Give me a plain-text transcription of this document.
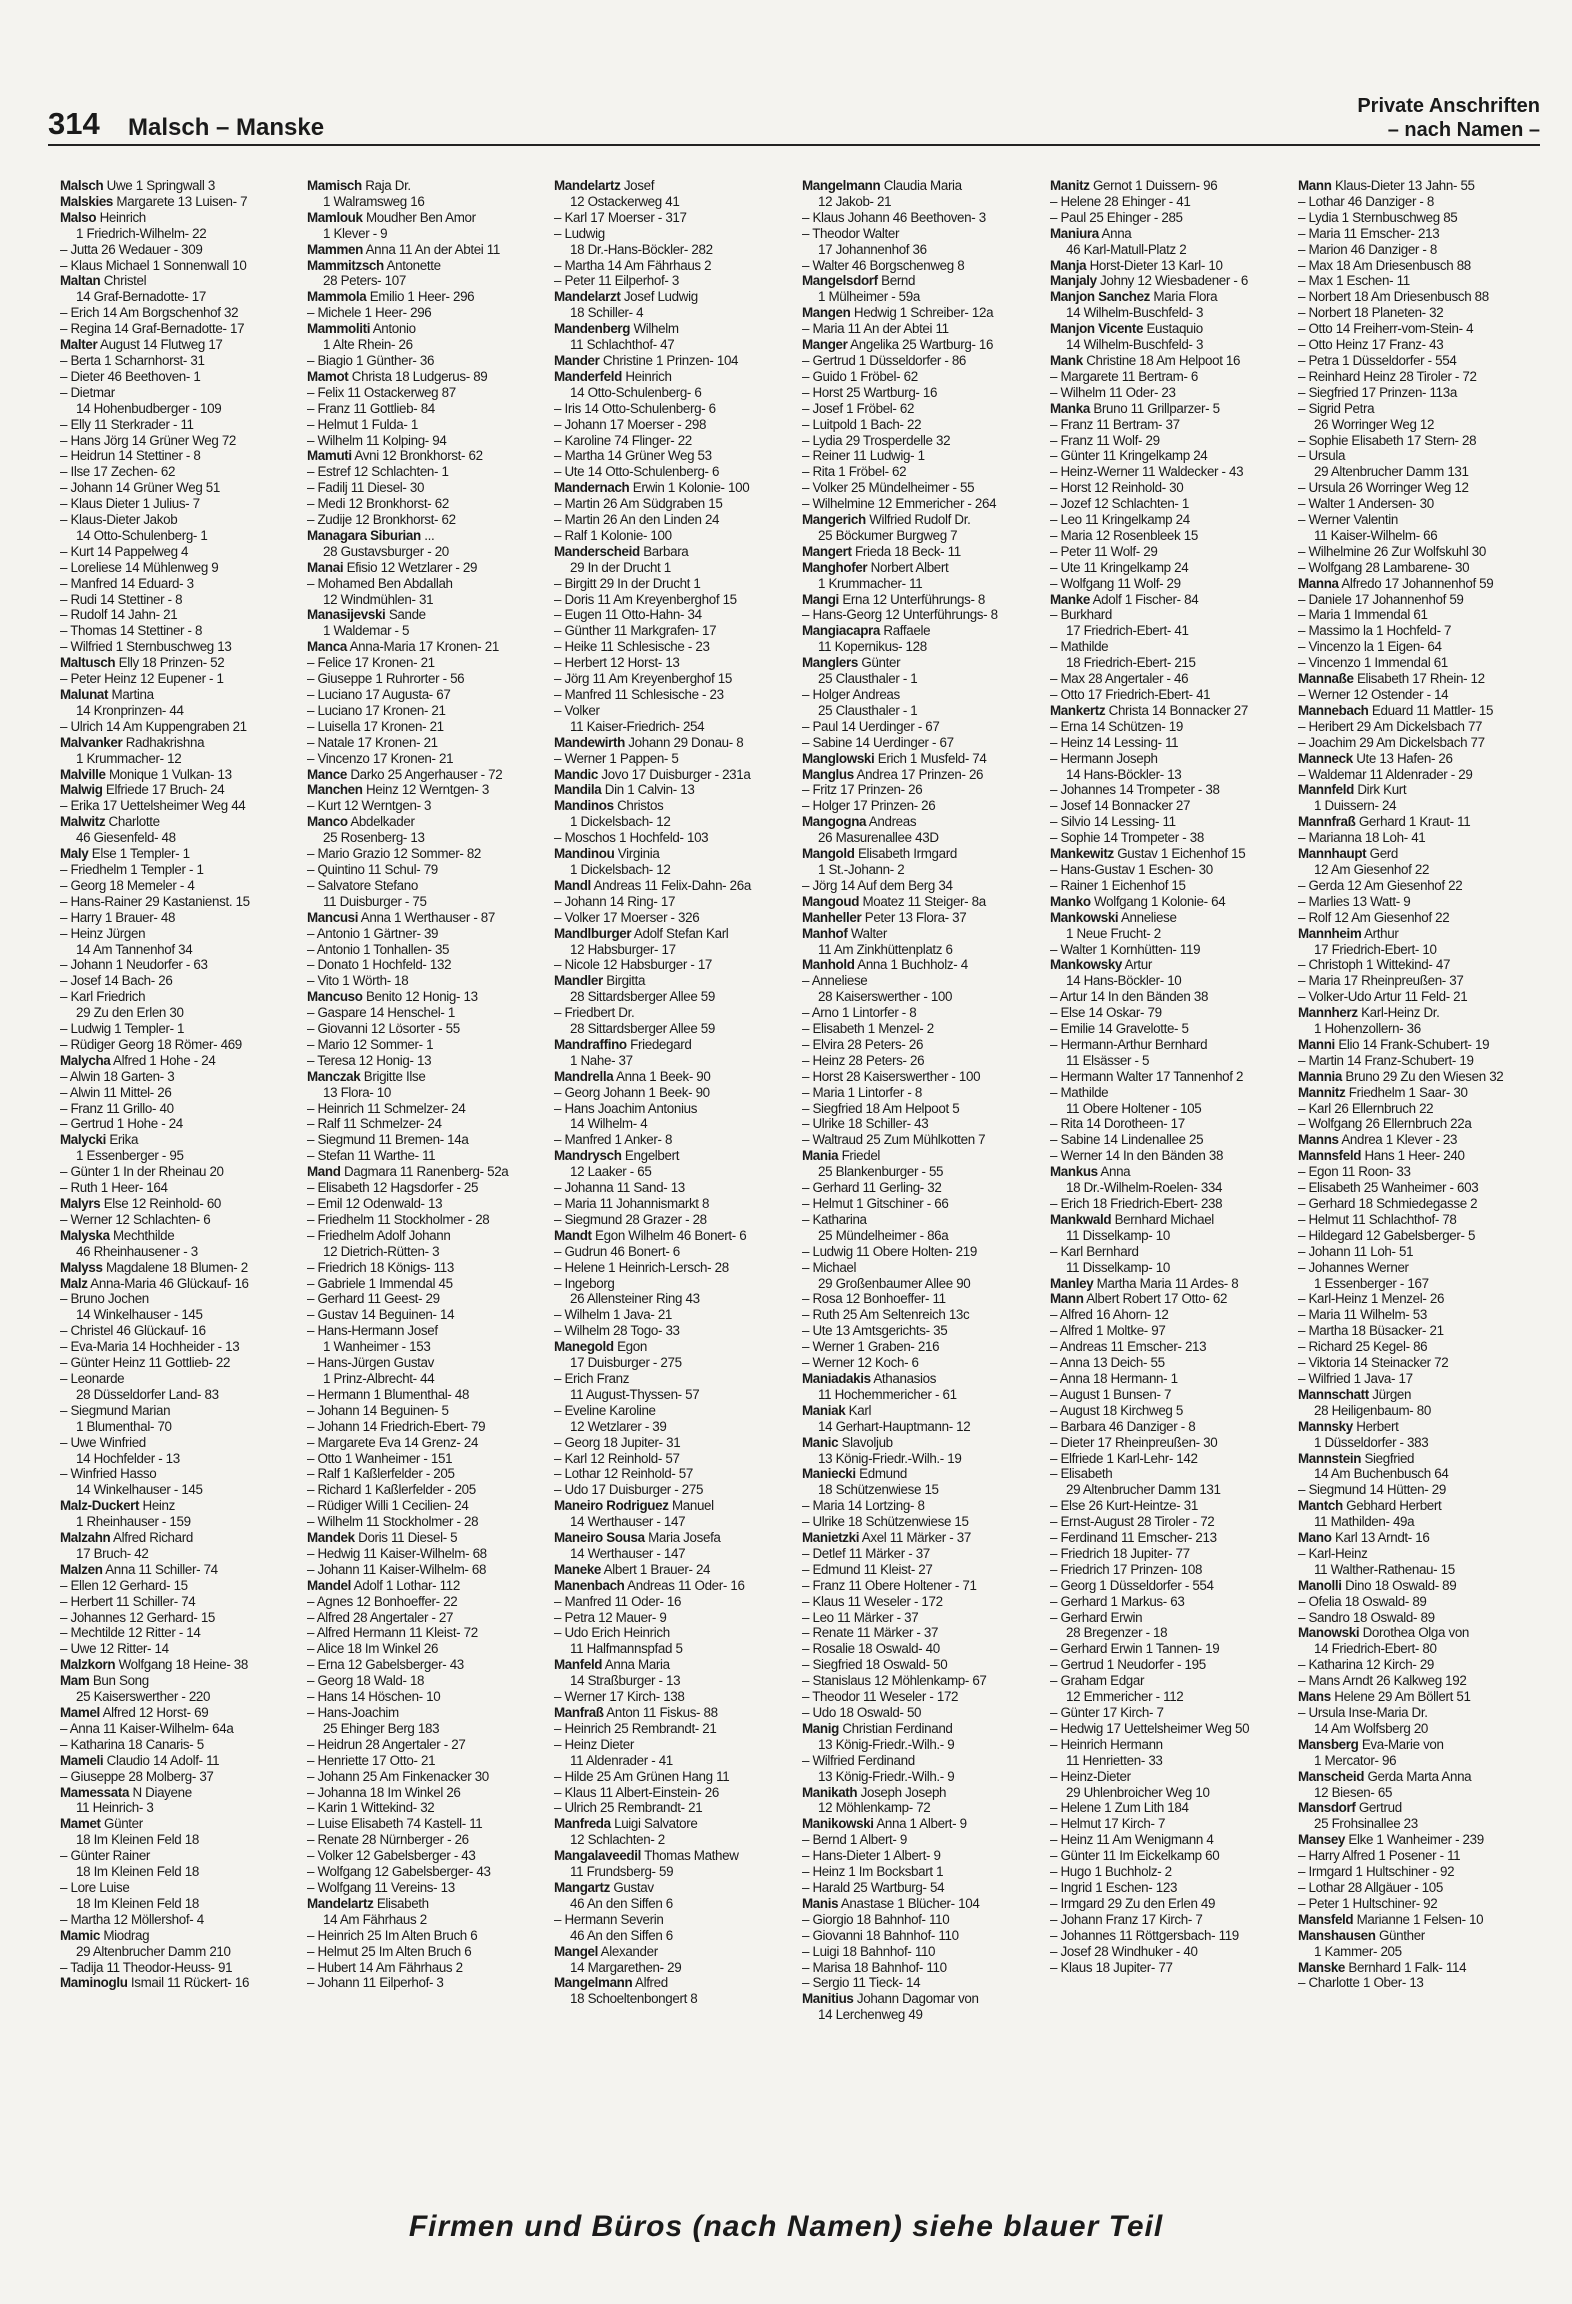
314 Malsch – Manske
Private Anschriften
– nach Namen –
Malsch Uwe 1 Springwall 3
Malskies Margarete 13 Luisen- 7
Malso Heinrich
1 Friedrich-Wilhelm- 22
– Jutta 26 Wedauer - 309
– Klaus Michael 1 Sonnenwall 10
Maltan Christel
14 Graf-Bernadotte- 17
– Erich 14 Am Borgschenhof 32
– Regina 14 Graf-Bernadotte- 17
Malter August 14 Flutweg 17
– Berta 1 Scharnhorst- 31
– Dieter 46 Beethoven- 1
– Dietmar
14 Hohenbudberger - 109
– Elly 11 Sterkrader - 11
– Hans Jörg 14 Grüner Weg 72
– Heidrun 14 Stettiner - 8
– Ilse 17 Zechen- 62
– Johann 14 Grüner Weg 51
– Klaus Dieter 1 Julius- 7
– Klaus-Dieter Jakob
14 Otto-Schulenberg- 1
– Kurt 14 Pappelweg 4
– Loreliese 14 Mühlenweg 9
– Manfred 14 Eduard- 3
– Rudi 14 Stettiner - 8
– Rudolf 14 Jahn- 21
– Thomas 14 Stettiner - 8
– Wilfried 1 Sternbuschweg 13
Maltusch Elly 18 Prinzen- 52
– Peter Heinz 12 Eupener - 1
Malunat Martina
14 Kronprinzen- 44
– Ulrich 14 Am Kuppengraben 21
Malvanker Radhakrishna
1 Krummacher- 12
Malville Monique 1 Vulkan- 13
Malwig Elfriede 17 Bruch- 24
– Erika 17 Uettelsheimer Weg 44
Malwitz Charlotte
46 Giesenfeld- 48
Maly Else 1 Templer- 1
– Friedhelm 1 Templer - 1
– Georg 18 Memeler - 4
– Hans-Rainer 29 Kastanienst. 15
– Harry 1 Brauer- 48
– Heinz Jürgen
14 Am Tannenhof 34
– Johann 1 Neudorfer - 63
– Josef 14 Bach- 26
– Karl Friedrich
29 Zu den Erlen 30
– Ludwig 1 Templer- 1
– Rüdiger Georg 18 Römer- 469
Malycha Alfred 1 Hohe - 24
– Alwin 18 Garten- 3
– Alwin 11 Mittel- 26
– Franz 11 Grillo- 40
– Gertrud 1 Hohe - 24
Malycki Erika
1 Essenberger - 95
– Günter 1 In der Rheinau 20
– Ruth 1 Heer- 164
Malyrs Else 12 Reinhold- 60
– Werner 12 Schlachten- 6
Malyska Mechthilde
46 Rheinhausener - 3
Malyss Magdalene 18 Blumen- 2
Malz Anna-Maria 46 Glückauf- 16
– Bruno Jochen
14 Winkelhauser - 145
– Christel 46 Glückauf- 16
– Eva-Maria 14 Hochheider - 13
– Günter Heinz 11 Gottlieb- 22
– Leonarde
28 Düsseldorfer Land- 83
– Siegmund Marian
1 Blumenthal- 70
– Uwe Winfried
14 Hochfelder - 13
– Winfried Hasso
14 Winkelhauser - 145
Malz-Duckert Heinz
1 Rheinhauser - 159
Malzahn Alfred Richard
17 Bruch- 42
Malzen Anna 11 Schiller- 74
– Ellen 12 Gerhard- 15
– Herbert 11 Schiller- 74
– Johannes 12 Gerhard- 15
– Mechtilde 12 Ritter - 14
– Uwe 12 Ritter- 14
Malzkorn Wolfgang 18 Heine- 38
Mam Bun Song
25 Kaiserswerther - 220
Mamel Alfred 12 Horst- 69
– Anna 11 Kaiser-Wilhelm- 64a
– Katharina 18 Canaris- 5
Mameli Claudio 14 Adolf- 11
– Giuseppe 28 Molberg- 37
Mamessata N Diayene
11 Heinrich- 3
Mamet Günter
18 Im Kleinen Feld 18
– Günter Rainer
18 Im Kleinen Feld 18
– Lore Luise
18 Im Kleinen Feld 18
– Martha 12 Möllershof- 4
Mamic Miodrag
29 Altenbrucher Damm 210
– Tadija 11 Theodor-Heuss- 91
Maminoglu Ismail 11 Rückert- 16
Mamisch Raja Dr.
1 Walramsweg 16
Mamlouk Moudher Ben Amor
1 Klever - 9
Mammen Anna 11 An der Abtei 11
Mammitzsch Antonette
28 Peters- 107
Mammola Emilio 1 Heer- 296
– Michele 1 Heer- 296
Mammoliti Antonio
1 Alte Rhein- 26
– Biagio 1 Günther- 36
Mamot Christa 18 Ludgerus- 89
– Felix 11 Ostackerweg 87
– Franz 11 Gottlieb- 84
– Helmut 1 Fulda- 1
– Wilhelm 11 Kolping- 94
Mamuti Avni 12 Bronkhorst- 62
– Estref 12 Schlachten- 1
– Fadilj 11 Diesel- 30
– Medi 12 Bronkhorst- 62
– Zudije 12 Bronkhorst- 62
Managara Siburian ...
28 Gustavsburger - 20
Manai Efisio 12 Wetzlarer - 29
– Mohamed Ben Abdallah
12 Windmühlen- 31
Manasijevski Sande
1 Waldemar - 5
Manca Anna-Maria 17 Kronen- 21
– Felice 17 Kronen- 21
– Giuseppe 1 Ruhrorter - 56
– Luciano 17 Augusta- 67
– Luciano 17 Kronen- 21
– Luisella 17 Kronen- 21
– Natale 17 Kronen- 21
– Vincenzo 17 Kronen- 21
Mance Darko 25 Angerhauser - 72
Manchen Heinz 12 Werntgen- 3
– Kurt 12 Werntgen- 3
Manco Abdelkader
25 Rosenberg- 13
– Mario Grazio 12 Sommer- 82
– Quintino 11 Schul- 79
– Salvatore Stefano
11 Duisburger - 75
Mancusi Anna 1 Werthauser - 87
– Antonio 1 Gärtner- 39
– Antonio 1 Tonhallen- 35
– Donato 1 Hochfeld- 132
– Vito 1 Wörth- 18
Mancuso Benito 12 Honig- 13
– Gaspare 14 Henschel- 1
– Giovanni 12 Lösorter - 55
– Mario 12 Sommer- 1
– Teresa 12 Honig- 13
Manczak Brigitte Ilse
13 Flora- 10
– Heinrich 11 Schmelzer- 24
– Ralf 11 Schmelzer- 24
– Siegmund 11 Bremen- 14a
– Stefan 11 Warthe- 11
Mand Dagmara 11 Ranenberg- 52a
– Elisabeth 12 Hagsdorfer - 25
– Emil 12 Odenwald- 13
– Friedhelm 11 Stockholmer - 28
– Friedhelm Adolf Johann
12 Dietrich-Rütten- 3
– Friedrich 18 Königs- 113
– Gabriele 1 Immendal 45
– Gerhard 11 Geest- 29
– Gustav 14 Beguinen- 14
– Hans-Hermann Josef
1 Wanheimer - 153
– Hans-Jürgen Gustav
1 Prinz-Albrecht- 44
– Hermann 1 Blumenthal- 48
– Johann 14 Beguinen- 5
– Johann 14 Friedrich-Ebert- 79
– Margarete Eva 14 Grenz- 24
– Otto 1 Wanheimer - 151
– Ralf 1 Kaßlerfelder - 205
– Richard 1 Kaßlerfelder - 205
– Rüdiger Willi 1 Cecilien- 24
– Wilhelm 11 Stockholmer - 28
Mandek Doris 11 Diesel- 5
– Hedwig 11 Kaiser-Wilhelm- 68
– Johann 11 Kaiser-Wilhelm- 68
Mandel Adolf 1 Lothar- 112
– Agnes 12 Bonhoeffer- 22
– Alfred 28 Angertaler - 27
– Alfred Hermann 11 Kleist- 72
– Alice 18 Im Winkel 26
– Erna 12 Gabelsberger- 43
– Georg 18 Wald- 18
– Hans 14 Höschen- 10
– Hans-Joachim
25 Ehinger Berg 183
– Heidrun 28 Angertaler - 27
– Henriette 17 Otto- 21
– Johann 25 Am Finkenacker 30
– Johanna 18 Im Winkel 26
– Karin 1 Wittekind- 32
– Luise Elisabeth 74 Kastell- 11
– Renate 28 Nürnberger - 26
– Volker 12 Gabelsberger - 43
– Wolfgang 12 Gabelsberger- 43
– Wolfgang 11 Vereins- 13
Mandelartz Elisabeth
14 Am Fährhaus 2
– Heinrich 25 Im Alten Bruch 6
– Helmut 25 Im Alten Bruch 6
– Hubert 14 Am Fährhaus 2
– Johann 11 Eilperhof- 3
Mandelartz Josef
12 Ostackerweg 41
– Karl 17 Moerser - 317
– Ludwig
18 Dr.-Hans-Böckler- 282
– Martha 14 Am Fährhaus 2
– Peter 11 Eilperhof- 3
Mandelarzt Josef Ludwig
18 Schiller- 4
Mandenberg Wilhelm
11 Schlachthof- 47
Mander Christine 1 Prinzen- 104
Manderfeld Heinrich
14 Otto-Schulenberg- 6
– Iris 14 Otto-Schulenberg- 6
– Johann 17 Moerser - 298
– Karoline 74 Flinger- 22
– Martha 14 Grüner Weg 53
– Ute 14 Otto-Schulenberg- 6
Mandernach Erwin 1 Kolonie- 100
– Martin 26 Am Südgraben 15
– Martin 26 An den Linden 24
– Ralf 1 Kolonie- 100
Manderscheid Barbara
29 In der Drucht 1
– Birgitt 29 In der Drucht 1
– Doris 11 Am Kreyenberghof 15
– Eugen 11 Otto-Hahn- 34
– Günther 11 Markgrafen- 17
– Heike 11 Schlesische - 23
– Herbert 12 Horst- 13
– Jörg 11 Am Kreyenberghof 15
– Manfred 11 Schlesische - 23
– Volker
11 Kaiser-Friedrich- 254
Mandewirth Johann 29 Donau- 8
– Werner 1 Pappen- 5
Mandic Jovo 17 Duisburger - 231a
Mandila Din 1 Calvin- 13
Mandinos Christos
1 Dickelsbach- 12
– Moschos 1 Hochfeld- 103
Mandinou Virginia
1 Dickelsbach- 12
Mandl Andreas 11 Felix-Dahn- 26a
– Johann 14 Ring- 17
– Volker 17 Moerser - 326
Mandlburger Adolf Stefan Karl
12 Habsburger- 17
– Nicole 12 Habsburger - 17
Mandler Birgitta
28 Sittardsberger Allee 59
– Friedbert Dr.
28 Sittardsberger Allee 59
Mandraffino Friedegard
1 Nahe- 37
Mandrella Anna 1 Beek- 90
– Georg Johann 1 Beek- 90
– Hans Joachim Antonius
14 Wilhelm- 4
– Manfred 1 Anker- 8
Mandrysch Engelbert
12 Laaker - 65
– Johanna 11 Sand- 13
– Maria 11 Johannismarkt 8
– Siegmund 28 Grazer - 28
Mandt Egon Wilhelm 46 Bonert- 6
– Gudrun 46 Bonert- 6
– Helene 1 Heinrich-Lersch- 28
– Ingeborg
26 Allensteiner Ring 43
– Wilhelm 1 Java- 21
– Wilhelm 28 Togo- 33
Manegold Egon
17 Duisburger - 275
– Erich Franz
11 August-Thyssen- 57
– Eveline Karoline
12 Wetzlarer - 39
– Georg 18 Jupiter- 31
– Karl 12 Reinhold- 57
– Lothar 12 Reinhold- 57
– Udo 17 Duisburger - 275
Maneiro Rodriguez Manuel
14 Werthauser - 147
Maneiro Sousa Maria Josefa
14 Werthauser - 147
Maneke Albert 1 Brauer- 24
Manenbach Andreas 11 Oder- 16
– Manfred 11 Oder- 16
– Petra 12 Mauer- 9
– Udo Erich Heinrich
11 Halfmannspfad 5
Manfeld Anna Maria
14 Straßburger - 13
– Werner 17 Kirch- 138
Manfraß Anton 11 Fiskus- 88
– Heinrich 25 Rembrandt- 21
– Heinz Dieter
11 Aldenrader - 41
– Hilde 25 Am Grünen Hang 11
– Klaus 11 Albert-Einstein- 26
– Ulrich 25 Rembrandt- 21
Manfreda Luigi Salvatore
12 Schlachten- 2
Mangalaveedil Thomas Mathew
11 Frundsberg- 59
Mangartz Gustav
46 An den Siffen 6
– Hermann Severin
46 An den Siffen 6
Mangel Alexander
14 Margarethen- 29
Mangelmann Alfred
18 Schoeltenbongert 8
Mangelmann Claudia Maria
12 Jakob- 21
– Klaus Johann 46 Beethoven- 3
– Theodor Walter
17 Johannenhof 36
– Walter 46 Borgschenweg 8
Mangelsdorf Bernd
1 Mülheimer - 59a
Mangen Hedwig 1 Schreiber- 12a
– Maria 11 An der Abtei 11
Manger Angelika 25 Wartburg- 16
– Gertrud 1 Düsseldorfer - 86
– Guido 1 Fröbel- 62
– Horst 25 Wartburg- 16
– Josef 1 Fröbel- 62
– Luitpold 1 Bach- 22
– Lydia 29 Trosperdelle 32
– Reiner 11 Ludwig- 1
– Rita 1 Fröbel- 62
– Volker 25 Mündelheimer - 55
– Wilhelmine 12 Emmericher - 264
Mangerich Wilfried Rudolf Dr.
25 Böckumer Burgweg 7
Mangert Frieda 18 Beck- 11
Manghofer Norbert Albert
1 Krummacher- 11
Mangi Erna 12 Unterführungs- 8
– Hans-Georg 12 Unterführungs- 8
Mangiacapra Raffaele
11 Kopernikus- 128
Manglers Günter
25 Clausthaler - 1
– Holger Andreas
25 Clausthaler - 1
– Paul 14 Uerdinger - 67
– Sabine 14 Uerdinger - 67
Manglowski Erich 1 Musfeld- 74
Manglus Andrea 17 Prinzen- 26
– Fritz 17 Prinzen- 26
– Holger 17 Prinzen- 26
Mangogna Andreas
26 Masurenallee 43D
Mangold Elisabeth Irmgard
1 St.-Johann- 2
– Jörg 14 Auf dem Berg 34
Mangoud Moatez 11 Steiger- 8a
Manheller Peter 13 Flora- 37
Manhof Walter
11 Am Zinkhüttenplatz 6
Manhold Anna 1 Buchholz- 4
– Anneliese
28 Kaiserswerther - 100
– Arno 1 Lintorfer - 8
– Elisabeth 1 Menzel- 2
– Elvira 28 Peters- 26
– Heinz 28 Peters- 26
– Horst 28 Kaiserswerther - 100
– Maria 1 Lintorfer - 8
– Siegfried 18 Am Helpoot 5
– Ulrike 18 Schiller- 43
– Waltraud 25 Zum Mühlkotten 7
Mania Friedel
25 Blankenburger - 55
– Gerhard 11 Gerling- 32
– Helmut 1 Gitschiner - 66
– Katharina
25 Mündelheimer - 86a
– Ludwig 11 Obere Holten- 219
– Michael
29 Großenbaumer Allee 90
– Rosa 12 Bonhoeffer- 11
– Ruth 25 Am Seltenreich 13c
– Ute 13 Amtsgerichts- 35
– Werner 1 Graben- 216
– Werner 12 Koch- 6
Maniadakis Athanasios
11 Hochemmericher - 61
Maniak Karl
14 Gerhart-Hauptmann- 12
Manic Slavoljub
13 König-Friedr.-Wilh.- 19
Maniecki Edmund
18 Schützenwiese 15
– Maria 14 Lortzing- 8
– Ulrike 18 Schützenwiese 15
Manietzki Axel 11 Märker - 37
– Detlef 11 Märker - 37
– Edmund 11 Kleist- 27
– Franz 11 Obere Holtener - 71
– Klaus 11 Weseler - 172
– Leo 11 Märker - 37
– Renate 11 Märker - 37
– Rosalie 18 Oswald- 40
– Siegfried 18 Oswald- 50
– Stanislaus 12 Möhlenkamp- 67
– Theodor 11 Weseler - 172
– Udo 18 Oswald- 50
Manig Christian Ferdinand
13 König-Friedr.-Wilh.- 9
– Wilfried Ferdinand
13 König-Friedr.-Wilh.- 9
Manikath Joseph Joseph
12 Möhlenkamp- 72
Manikowski Anna 1 Albert- 9
– Bernd 1 Albert- 9
– Hans-Dieter 1 Albert- 9
– Heinz 1 Im Bocksbart 1
– Harald 25 Wartburg- 54
Manis Anastase 1 Blücher- 104
– Giorgio 18 Bahnhof- 110
– Giovanni 18 Bahnhof- 110
– Luigi 18 Bahnhof- 110
– Marisa 18 Bahnhof- 110
– Sergio 11 Tieck- 14
Manitius Johann Dagomar von
14 Lerchenweg 49
Manitz Gernot 1 Duissern- 96
– Helene 28 Ehinger - 41
– Paul 25 Ehinger - 285
Maniura Anna
46 Karl-Matull-Platz 2
Manja Horst-Dieter 13 Karl- 10
Manjaly Johny 12 Wiesbadener - 6
Manjon Sanchez Maria Flora
14 Wilhelm-Buschfeld- 3
Manjon Vicente Eustaquio
14 Wilhelm-Buschfeld- 3
Mank Christine 18 Am Helpoot 16
– Margarete 11 Bertram- 6
– Wilhelm 11 Oder- 23
Manka Bruno 11 Grillparzer- 5
– Franz 11 Bertram- 37
– Franz 11 Wolf- 29
– Günter 11 Kringelkamp 24
– Heinz-Werner 11 Waldecker - 43
– Horst 12 Reinhold- 30
– Jozef 12 Schlachten- 1
– Leo 11 Kringelkamp 24
– Maria 12 Rosenbleek 15
– Peter 11 Wolf- 29
– Ute 11 Kringelkamp 24
– Wolfgang 11 Wolf- 29
Manke Adolf 1 Fischer- 84
– Burkhard
17 Friedrich-Ebert- 41
– Mathilde
18 Friedrich-Ebert- 215
– Max 28 Angertaler - 46
– Otto 17 Friedrich-Ebert- 41
Mankertz Christa 14 Bonnacker 27
– Erna 14 Schützen- 19
– Heinz 14 Lessing- 11
– Hermann Joseph
14 Hans-Böckler- 13
– Johannes 14 Trompeter - 38
– Josef 14 Bonnacker 27
– Silvio 14 Lessing- 11
– Sophie 14 Trompeter - 38
Mankewitz Gustav 1 Eichenhof 15
– Hans-Gustav 1 Eschen- 30
– Rainer 1 Eichenhof 15
Manko Wolfgang 1 Kolonie- 64
Mankowski Anneliese
1 Neue Frucht- 2
– Walter 1 Kornhütten- 119
Mankowsky Artur
14 Hans-Böckler- 10
– Artur 14 In den Bänden 38
– Else 14 Oskar- 79
– Emilie 14 Gravelotte- 5
– Hermann-Arthur Bernhard
11 Elsässer - 5
– Hermann Walter 17 Tannenhof 2
– Mathilde
11 Obere Holtener - 105
– Rita 14 Dorotheen- 17
– Sabine 14 Lindenallee 25
– Werner 14 In den Bänden 38
Mankus Anna
18 Dr.-Wilhelm-Roelen- 334
– Erich 18 Friedrich-Ebert- 238
Mankwald Bernhard Michael
11 Disselkamp- 10
– Karl Bernhard
11 Disselkamp- 10
Manley Martha Maria 11 Ardes- 8
Mann Albert Robert 17 Otto- 62
– Alfred 16 Ahorn- 12
– Alfred 1 Moltke- 97
– Andreas 11 Emscher- 213
– Anna 13 Deich- 55
– Anna 18 Hermann- 1
– August 1 Bunsen- 7
– August 18 Kirchweg 5
– Barbara 46 Danziger - 8
– Dieter 17 Rheinpreußen- 30
– Elfriede 1 Karl-Lehr- 142
– Elisabeth
29 Altenbrucher Damm 131
– Else 26 Kurt-Heintze- 31
– Ernst-August 28 Tiroler - 72
– Ferdinand 11 Emscher- 213
– Friedrich 18 Jupiter- 77
– Friedrich 17 Prinzen- 108
– Georg 1 Düsseldorfer - 554
– Gerhard 1 Markus- 63
– Gerhard Erwin
28 Bregenzer - 18
– Gerhard Erwin 1 Tannen- 19
– Gertrud 1 Neudorfer - 195
– Graham Edgar
12 Emmericher - 112
– Günter 17 Kirch- 7
– Hedwig 17 Uettelsheimer Weg 50
– Heinrich Hermann
11 Henrietten- 33
– Heinz-Dieter
29 Uhlenbroicher Weg 10
– Helene 1 Zum Lith 184
– Helmut 17 Kirch- 7
– Heinz 11 Am Wenigmann 4
– Günter 11 Im Eickelkamp 60
– Hugo 1 Buchholz- 2
– Ingrid 1 Eschen- 123
– Irmgard 29 Zu den Erlen 49
– Johann Franz 17 Kirch- 7
– Johannes 11 Röttgersbach- 119
– Josef 28 Windhuker - 40
– Klaus 18 Jupiter- 77
Mann Klaus-Dieter 13 Jahn- 55
– Lothar 46 Danziger - 8
– Lydia 1 Sternbuschweg 85
– Maria 11 Emscher- 213
– Marion 46 Danziger - 8
– Max 18 Am Driesenbusch 88
– Max 1 Eschen- 11
– Norbert 18 Am Driesenbusch 88
– Norbert 18 Planeten- 32
– Otto 14 Freiherr-vom-Stein- 4
– Otto Heinz 17 Franz- 43
– Petra 1 Düsseldorfer - 554
– Reinhard Heinz 28 Tiroler - 72
– Siegfried 17 Prinzen- 113a
– Sigrid Petra
26 Worringer Weg 12
– Sophie Elisabeth 17 Stern- 28
– Ursula
29 Altenbrucher Damm 131
– Ursula 26 Worringer Weg 12
– Walter 1 Andersen- 30
– Werner Valentin
11 Kaiser-Wilhelm- 66
– Wilhelmine 26 Zur Wolfskuhl 30
– Wolfgang 28 Lambarene- 30
Manna Alfredo 17 Johannenhof 59
– Daniele 17 Johannenhof 59
– Maria 1 Immendal 61
– Massimo la 1 Hochfeld- 7
– Vincenzo la 1 Eigen- 64
– Vincenzo 1 Immendal 61
Mannaße Elisabeth 17 Rhein- 12
– Werner 12 Ostender - 14
Mannebach Eduard 11 Mattler- 15
– Heribert 29 Am Dickelsbach 77
– Joachim 29 Am Dickelsbach 77
Manneck Ute 13 Hafen- 26
– Waldemar 11 Aldenrader - 29
Mannfeld Dirk Kurt
1 Duissern- 24
Mannfraß Gerhard 1 Kraut- 11
– Marianna 18 Loh- 41
Mannhaupt Gerd
12 Am Giesenhof 22
– Gerda 12 Am Giesenhof 22
– Marlies 13 Watt- 9
– Rolf 12 Am Giesenhof 22
Mannheim Arthur
17 Friedrich-Ebert- 10
– Christoph 1 Wittekind- 47
– Maria 17 Rheinpreußen- 37
– Volker-Udo Artur 11 Feld- 21
Mannherz Karl-Heinz Dr.
1 Hohenzollern- 36
Manni Elio 14 Frank-Schubert- 19
– Martin 14 Franz-Schubert- 19
Mannia Bruno 29 Zu den Wiesen 32
Mannitz Friedhelm 1 Saar- 30
– Karl 26 Ellernbruch 22
– Wolfgang 26 Ellernbruch 22a
Manns Andrea 1 Klever - 23
Mannsfeld Hans 1 Heer- 240
– Egon 11 Roon- 33
– Elisabeth 25 Wanheimer - 603
– Gerhard 18 Schmiedegasse 2
– Helmut 11 Schlachthof- 78
– Hildegard 12 Gabelsberger- 5
– Johann 11 Loh- 51
– Johannes Werner
1 Essenberger - 167
– Karl-Heinz 1 Menzel- 26
– Maria 11 Wilhelm- 53
– Martha 18 Büsacker- 21
– Richard 25 Kegel- 86
– Viktoria 14 Steinacker 72
– Wilfried 1 Java- 17
Mannschatt Jürgen
28 Heiligenbaum- 80
Mannsky Herbert
1 Düsseldorfer - 383
Mannstein Siegfried
14 Am Buchenbusch 64
– Siegmund 14 Hütten- 29
Mantch Gebhard Herbert
11 Mathilden- 49a
Mano Karl 13 Arndt- 16
– Karl-Heinz
11 Walther-Rathenau- 15
Manolli Dino 18 Oswald- 89
– Ofelia 18 Oswald- 89
– Sandro 18 Oswald- 89
Manowski Dorothea Olga von
14 Friedrich-Ebert- 80
– Katharina 12 Kirch- 29
– Mans Arndt 26 Kalkweg 192
Mans Helene 29 Am Böllert 51
– Ursula Inse-Maria Dr.
14 Am Wolfsberg 20
Mansberg Eva-Marie von
1 Mercator- 96
Manscheid Gerda Marta Anna
12 Biesen- 65
Mansdorf Gertrud
25 Frohsinallee 23
Mansey Elke 1 Wanheimer - 239
– Harry Alfred 1 Posener - 11
– Irmgard 1 Hultschiner - 92
– Lothar 28 Allgäuer - 105
– Peter 1 Hultschiner- 92
Mansfeld Marianne 1 Felsen- 10
Manshausen Günther
1 Kammer- 205
Manske Bernhard 1 Falk- 114
– Charlotte 1 Ober- 13
Firmen und Büros (nach Namen) siehe blauer Teil
